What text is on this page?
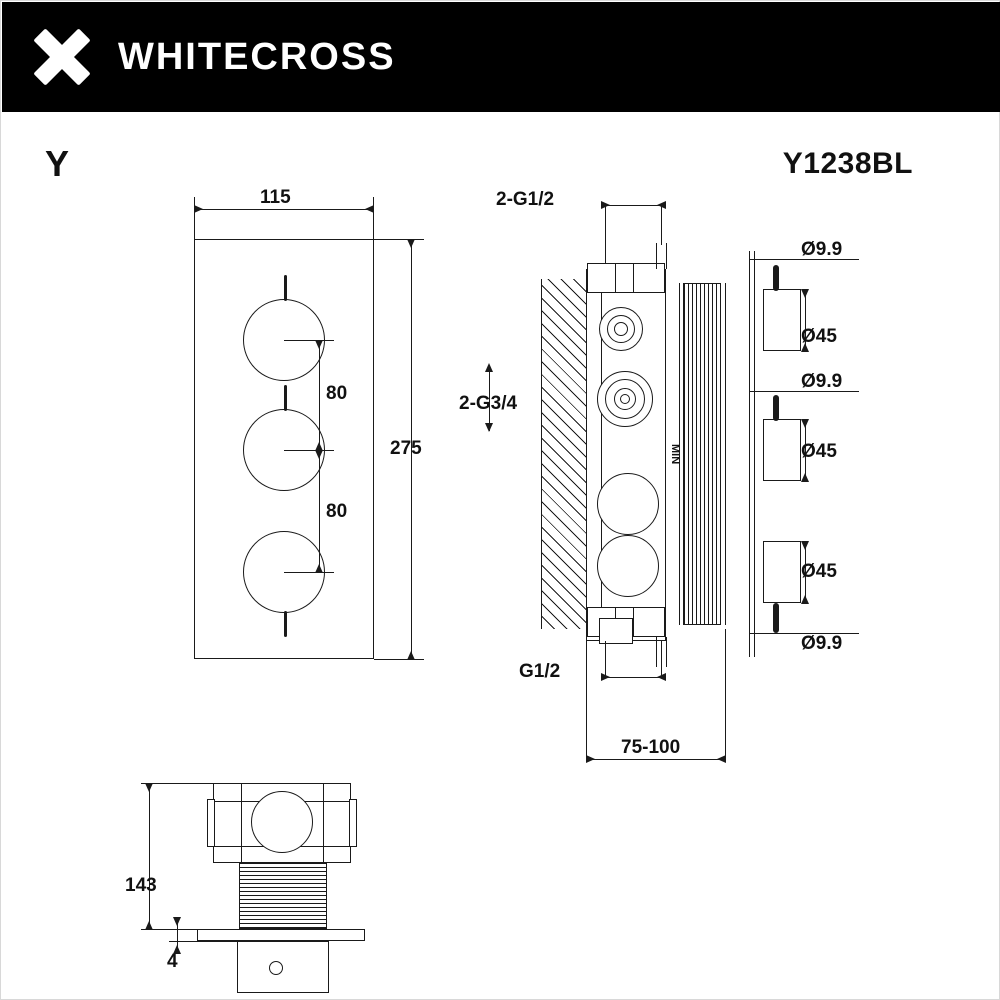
WHITECROSS
Y	Y1238BL
115
275
80
80
MIN
Ø9.9
Ø45
Ø9.9
Ø45
Ø45
Ø9.9
2-G1/2
2-G3/4
G1/2
75-100
143
4
